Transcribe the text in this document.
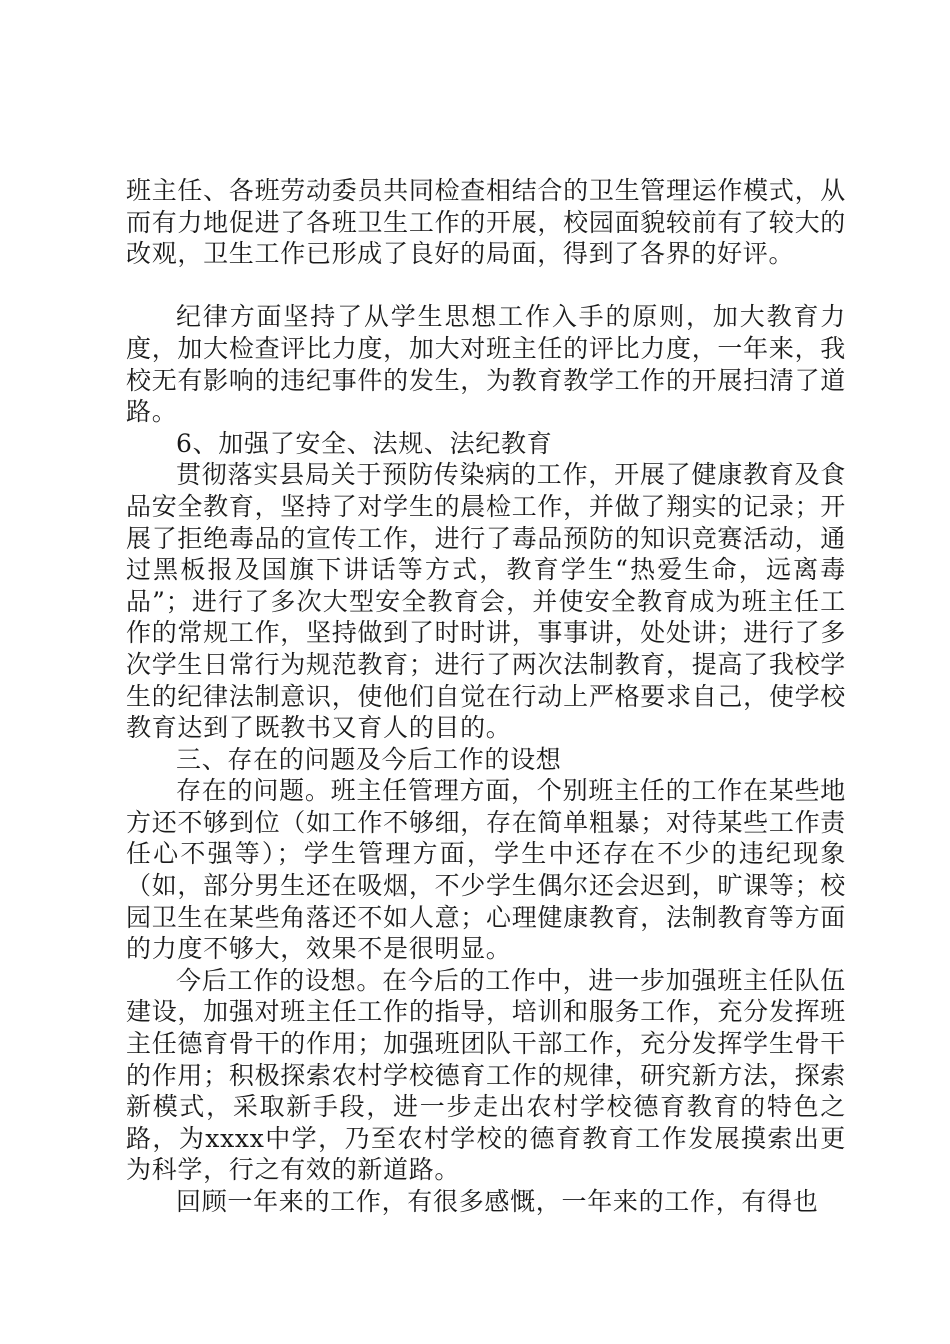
班主任、各班劳动委员共同检查相结合的卫生管理运作模式，从而有力地促进了各班卫生工作的开展，校园面貌较前有了较大的改观，卫生工作已形成了良好的局面，得到了各界的好评。

纪律方面坚持了从学生思想工作入手的原则，加大教育力度，加大检查评比力度，加大对班主任的评比力度，一年来，我校无有影响的违纪事件的发生，为教育教学工作的开展扫清了道路。

6、加强了安全、法规、法纪教育

贯彻落实县局关于预防传染病的工作，开展了健康教育及食品安全教育，坚持了对学生的晨检工作，并做了翔实的记录；开展了拒绝毒品的宣传工作，进行了毒品预防的知识竞赛活动，通过黑板报及国旗下讲话等方式，教育学生“热爱生命，远离毒品”；进行了多次大型安全教育会，并使安全教育成为班主任工作的常规工作，坚持做到了时时讲，事事讲，处处讲；进行了多次学生日常行为规范教育；进行了两次法制教育，提高了我校学生的纪律法制意识，使他们自觉在行动上严格要求自己，使学校教育达到了既教书又育人的目的。

三、存在的问题及今后工作的设想

存在的问题。班主任管理方面，个别班主任的工作在某些地方还不够到位（如工作不够细，存在简单粗暴；对待某些工作责任心不强等）；学生管理方面，学生中还存在不少的违纪现象（如，部分男生还在吸烟，不少学生偶尔还会迟到，旷课等；校园卫生在某些角落还不如人意；心理健康教育，法制教育等方面的力度不够大，效果不是很明显。

今后工作的设想。在今后的工作中，进一步加强班主任队伍建设，加强对班主任工作的指导，培训和服务工作，充分发挥班主任德育骨干的作用；加强班团队干部工作，充分发挥学生骨干的作用；积极探索农村学校德育工作的规律，研究新方法，探索新模式，采取新手段，进一步走出农村学校德育教育的特色之路，为xxxx中学，乃至农村学校的德育教育工作发展摸索出更为科学，行之有效的新道路。

回顾一年来的工作，有很多感慨，一年来的工作，有得也
